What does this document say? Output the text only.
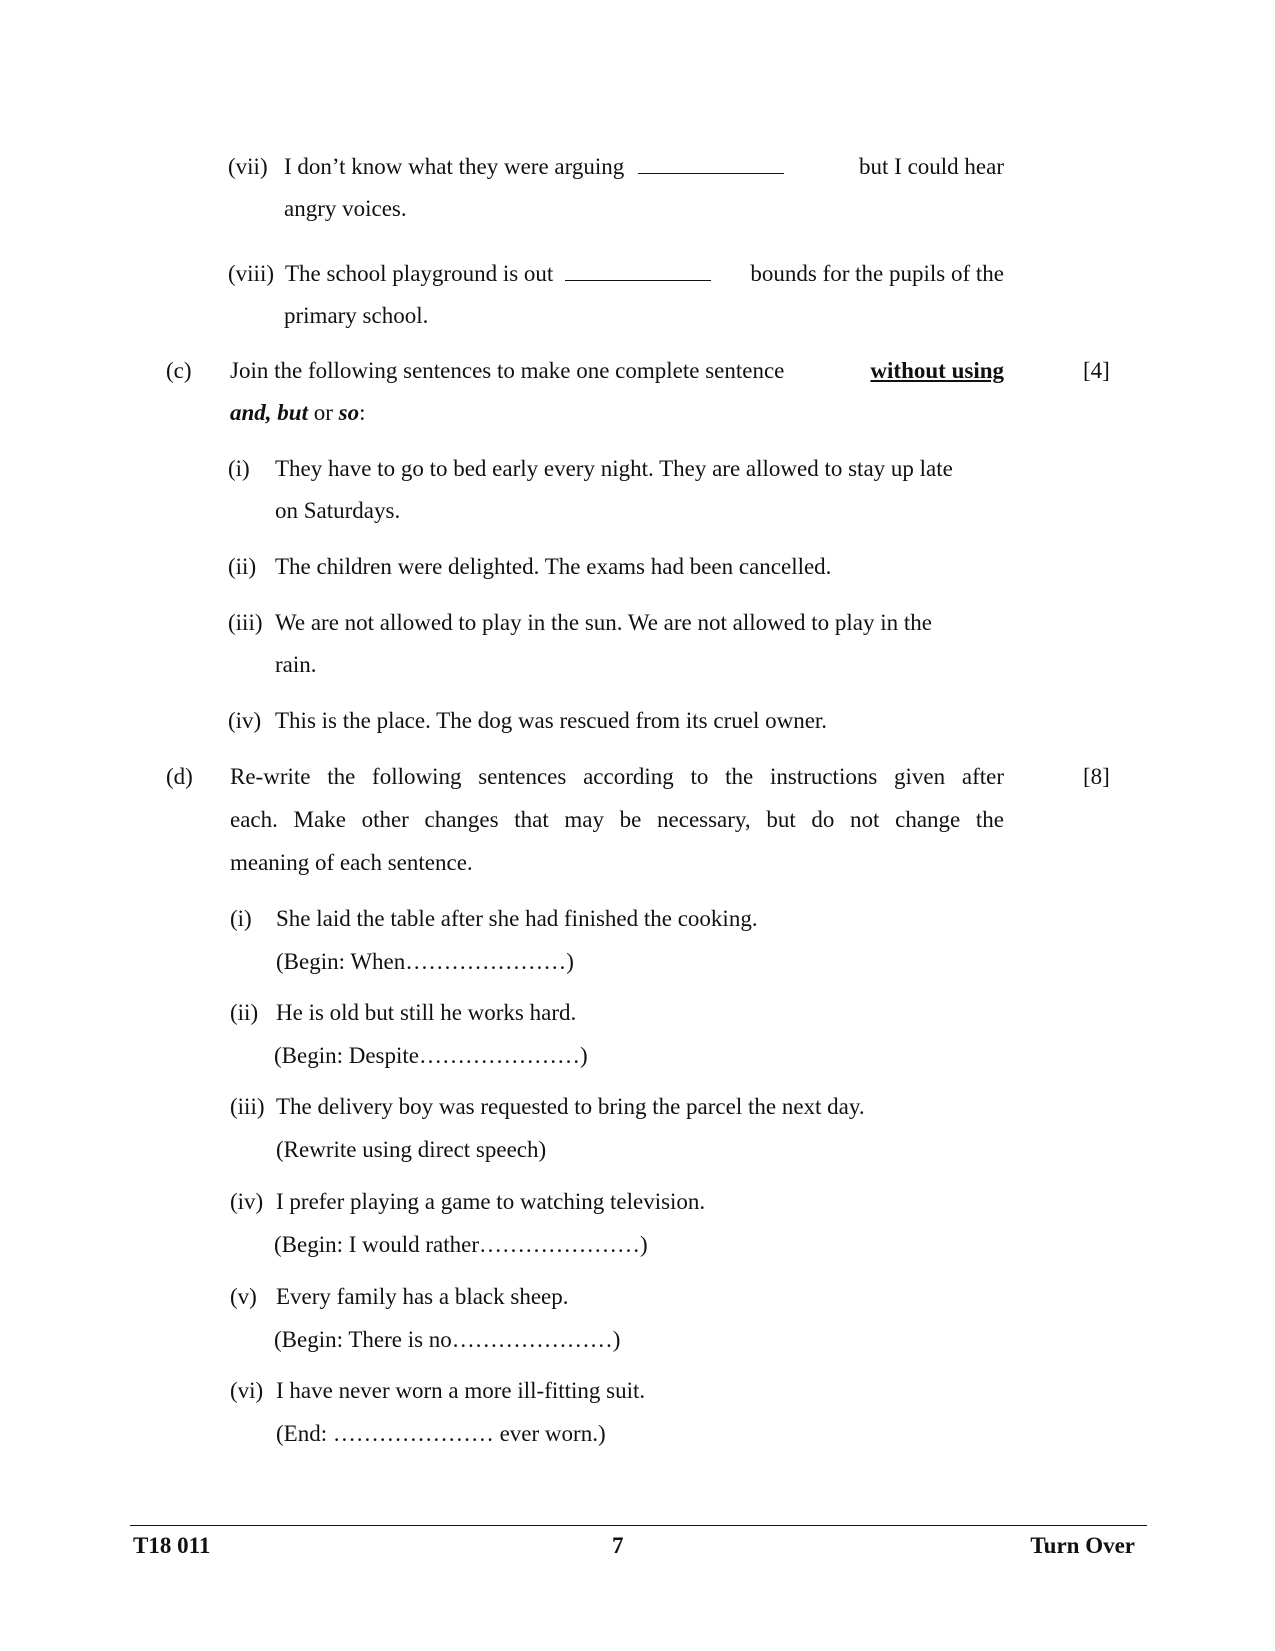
(vii) I don’t know what they were arguing	but I could hear
angry voices.
(viii) The school playground is out	bounds for the pupils of the
primary school.
(c)	[4]
Join the following sentences to make one complete sentence	without using
and, but or so:
(i) They have to go to bed early every night. They are allowed to stay up late
on Saturdays.
(ii) The children were delighted. The exams had been cancelled.
(iii) We are not allowed to play in the sun. We are not allowed to play in the
rain.
(iv) This is the place. The dog was rescued from its cruel owner.
(d)	[8]
Re-write the following sentences according to the instructions given after
each. Make other changes that may be necessary, but do not change the
meaning of each sentence.
(i) She laid the table after she had finished the cooking.
(Begin: When…………………)
(ii) He is old but still he works hard.
(Begin: Despite…………………)
(iii) The delivery boy was requested to bring the parcel the next day.
(Rewrite using direct speech)
(iv) I prefer playing a game to watching television.
(Begin: I would rather…………………)
(v) Every family has a black sheep.
(Begin: There is no…………………)
(vi) I have never worn a more ill-fitting suit.
(End: ………………… ever worn.)
T18 011	7	Turn Over
